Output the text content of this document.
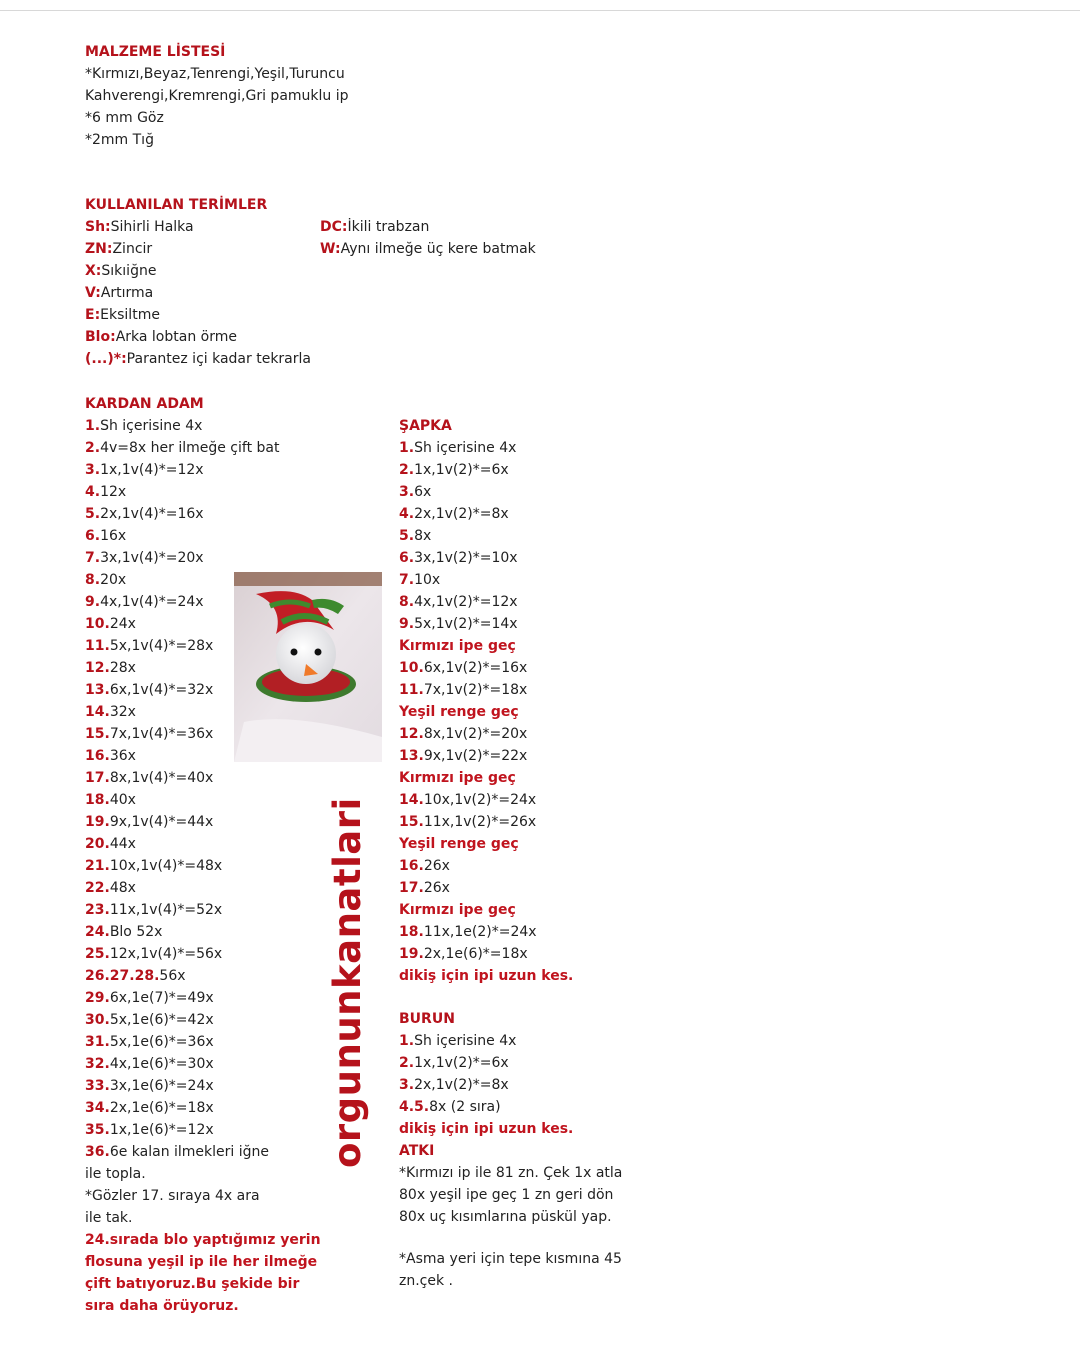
MALZEME LİSTESİ
*Kırmızı,Beyaz,Tenrengi,Yeşil,Turuncu
Kahverengi,Kremrengi,Gri pamuklu ip
*6 mm Göz
*2mm Tığ
KULLANILAN TERİMLER
Sh:Sihirli Halka
ZN:Zincir
X:Sıkıiğne
V:Artırma
E:Eksiltme
Blo:Arka lobtan örme
(...)*:Parantez içi kadar tekrarla
DC:İkili trabzan
W:Aynı ilmeğe üç kere batmak
KARDAN ADAM
1.Sh içerisine 4x
2.4v=8x her ilmeğe çift bat
3.1x,1v(4)*=12x
4.12x
5.2x,1v(4)*=16x
6.16x
7.3x,1v(4)*=20x
8.20x
9.4x,1v(4)*=24x
10.24x
11.5x,1v(4)*=28x
12.28x
13.6x,1v(4)*=32x
14.32x
15.7x,1v(4)*=36x
16.36x
17.8x,1v(4)*=40x
18.40x
19.9x,1v(4)*=44x
20.44x
21.10x,1v(4)*=48x
22.48x
23.11x,1v(4)*=52x
24.Blo 52x
25.12x,1v(4)*=56x
26.27.28.56x
29.6x,1e(7)*=49x
30.5x,1e(6)*=42x
31.5x,1e(6)*=36x
32.4x,1e(6)*=30x
33.3x,1e(6)*=24x
34.2x,1e(6)*=18x
35.1x,1e(6)*=12x
36.6e kalan ilmekleri iğne
ile topla.
*Gözler 17. sıraya 4x ara
ile tak.
24.sırada blo yaptığımız yerin
flosuna yeşil ip ile her ilmeğe
çift batıyoruz.Bu şekide bir
sıra daha örüyoruz.
ŞAPKA
1.Sh içerisine 4x
2.1x,1v(2)*=6x
3.6x
4.2x,1v(2)*=8x
5.8x
6.3x,1v(2)*=10x
7.10x
8.4x,1v(2)*=12x
9.5x,1v(2)*=14x
Kırmızı ipe geç
10.6x,1v(2)*=16x
11.7x,1v(2)*=18x
Yeşil renge geç
12.8x,1v(2)*=20x
13.9x,1v(2)*=22x
Kırmızı ipe geç
14.10x,1v(2)*=24x
15.11x,1v(2)*=26x
Yeşil renge geç
16.26x
17.26x
Kırmızı ipe geç
18.11x,1e(2)*=24x
19.2x,1e(6)*=18x
dikiş için ipi uzun kes.
BURUN
1.Sh içerisine 4x
2.1x,1v(2)*=6x
3.2x,1v(2)*=8x
4.5.8x (2 sıra)
dikiş için ipi uzun kes.
ATKI
*Kırmızı ip ile 81 zn. Çek 1x atla
80x yeşil ipe geç 1 zn geri dön
80x uç kısımlarına püskül yap.
*Asma yeri için tepe kısmına 45
zn.çek .
orgununkanatlari
